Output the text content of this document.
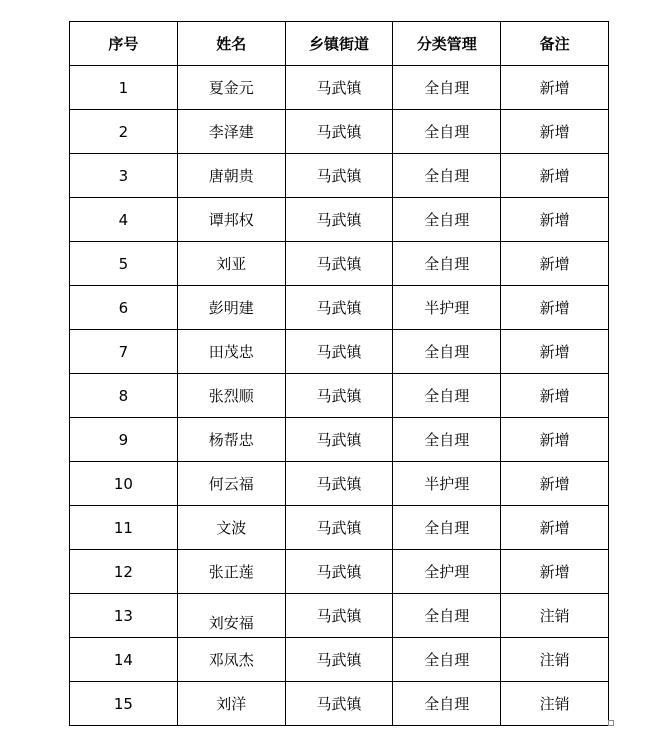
序号	姓名	乡镇街道	分类管理	备注
1	夏金元	马武镇	全自理	新增
2	李泽建	马武镇	全自理	新增
3	唐朝贵	马武镇	全自理	新增
4	谭邦权	马武镇	全自理	新增
5	刘亚	马武镇	全自理	新增
6	彭明建	马武镇	半护理	新增
7	田茂忠	马武镇	全自理	新增
8	张烈顺	马武镇	全自理	新增
9	杨帮忠	马武镇	全自理	新增
10	何云福	马武镇	半护理	新增
11	文波	马武镇	全自理	新增
12	张正莲	马武镇	全护理	新增
13	刘安福	马武镇	全自理	注销
14	邓凤杰	马武镇	全自理	注销
15	刘洋	马武镇	全自理	注销
